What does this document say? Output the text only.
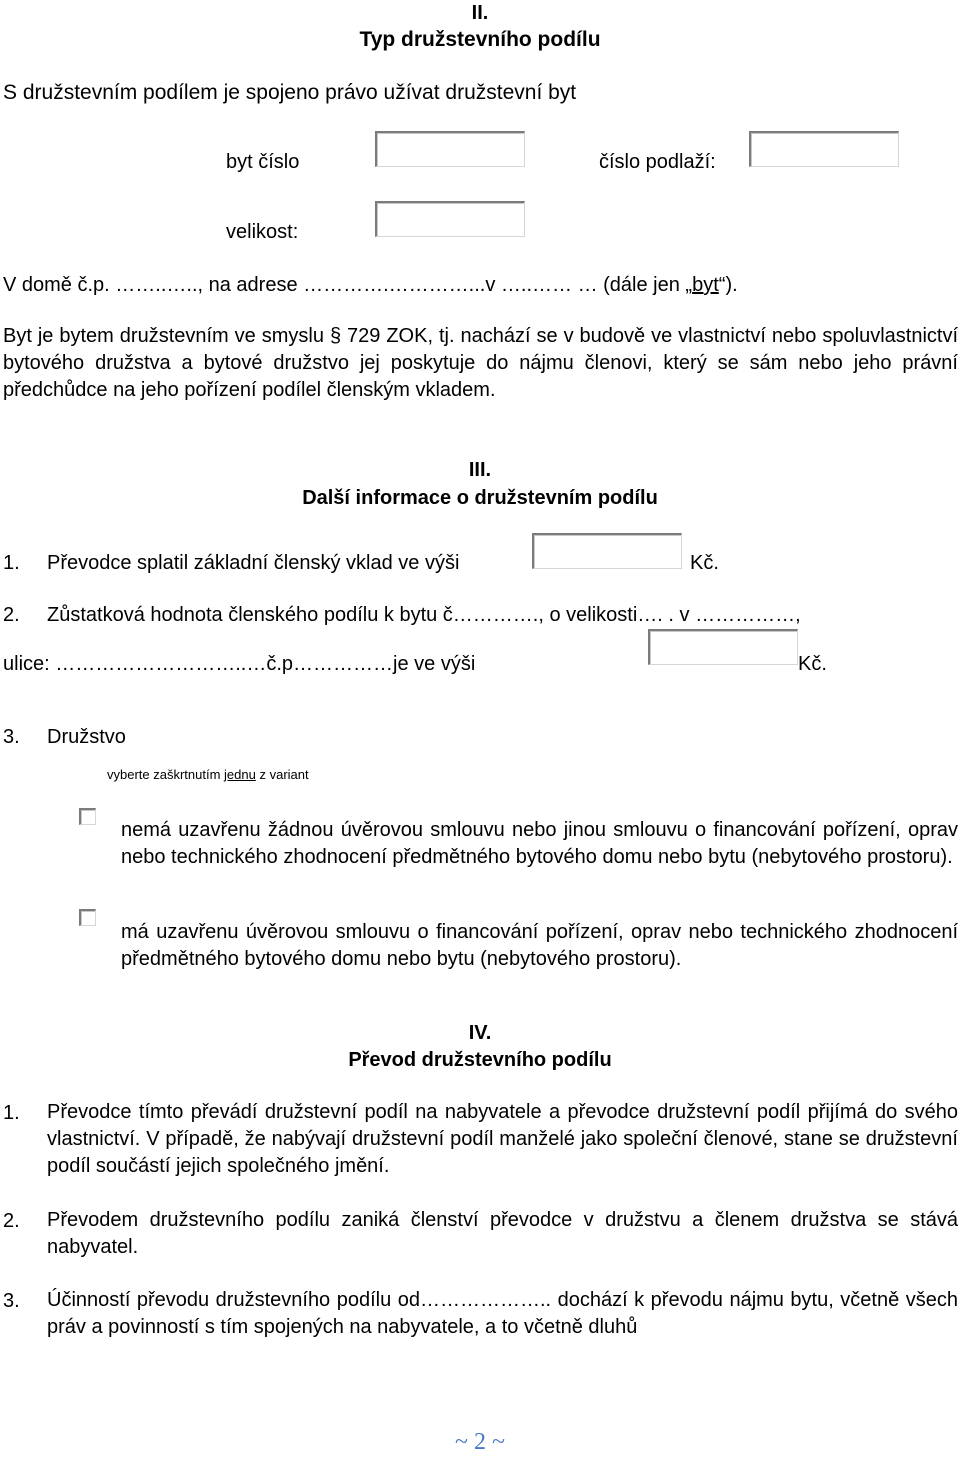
II.
Typ družstevního podílu
S družstevním podílem je spojeno právo užívat družstevní byt
byt číslo	číslo podlaží:
velikost:
V domě č.p. ……..….., na adrese ………….…………...v …..…… … (dále jen „byt“).
Byt je bytem družstevním ve smyslu § 729 ZOK, tj. nachází se v budově ve vlastnictví nebo spoluvlastnictví bytového družstva a bytové družstvo jej poskytuje do nájmu členovi, který se sám nebo jeho právní předchůdce na jeho pořízení podílel členským vkladem.
III.
Další informace o družstevním podílu
1. Převodce splatil základní členský vklad ve výši	Kč.
2. Zůstatková hodnota členského podílu k bytu č…………., o velikosti…. . v ……………,
ulice: ………………………..…č.p……………je ve výši	Kč.
3. Družstvo
vyberte zaškrtnutím jednu z variant
nemá uzavřenu žádnou úvěrovou smlouvu nebo jinou smlouvu o financování pořízení, oprav nebo technického zhodnocení předmětného bytového domu nebo bytu (nebytového prostoru).
má uzavřenu úvěrovou smlouvu o financování pořízení, oprav nebo technického zhodnocení předmětného bytového domu nebo bytu (nebytového prostoru).
IV.
Převod družstevního podílu
1. Převodce tímto převádí družstevní podíl na nabyvatele a převodce družstevní podíl přijímá do svého vlastnictví. V případě, že nabývají družstevní podíl manželé jako společní členové, stane se družstevní podíl součástí jejich společného jmění.
2. Převodem družstevního podílu zaniká členství převodce v družstvu a členem družstva se stává nabyvatel.
3. Účinností převodu družstevního podílu od……………….. dochází k převodu nájmu bytu, včetně všech práv a povinností s tím spojených na nabyvatele, a to včetně dluhů
~ 2 ~
